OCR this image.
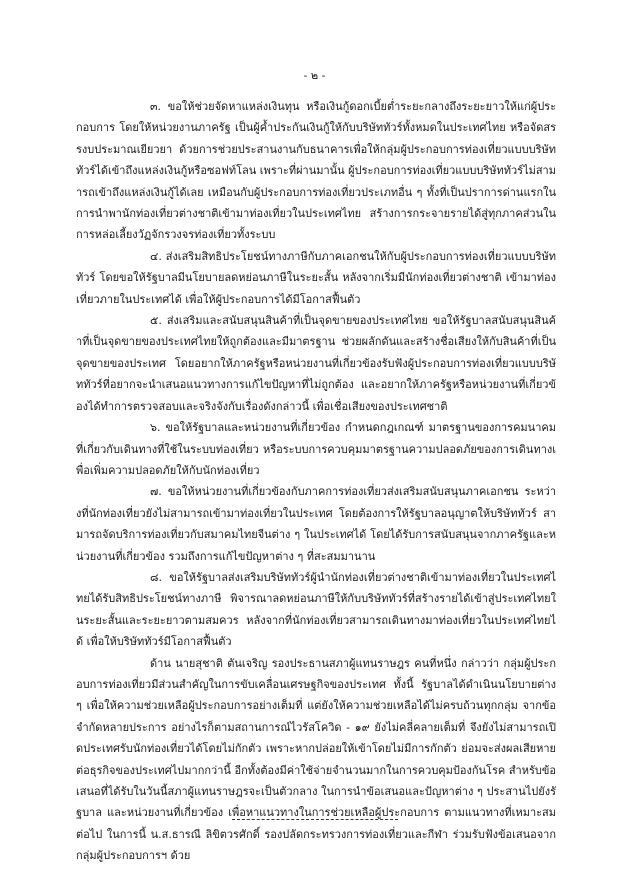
- ๒ -

๓. ขอให้ช่วยจัดหาแหล่งเงินทุน หรือเงินกู้ดอกเบี้ยต่ำระยะกลางถึงระยะยาวให้แก่ผู้ประกอบการ โดยให้หน่วยงานภาครัฐ เป็นผู้ค้ำประกันเงินกู้ให้กับบริษัททัวร์ทั้งหมดในประเทศไทย หรือจัดสรรงบประมาณเยียวยา ด้วยการช่วยประสานงานกับธนาคารเพื่อให้กลุ่มผู้ประกอบการท่องเที่ยวแบบบริษัททัวร์ได้เข้าถึงแหล่งเงินกู้หรือซอฟท์โลน เพราะที่ผ่านมานั้น ผู้ประกอบการท่องเที่ยวแบบบริษัททัวร์ไม่สามารถเข้าถึงแหล่งเงินกู้ได้เลย เหมือนกับผู้ประกอบการท่องเที่ยวประเภทอื่น ๆ ทั้งที่เป็นปราการด่านแรกในการนำพานักท่องเที่ยวต่างชาติเข้ามาท่องเที่ยวในประเทศไทย สร้างการกระจายรายได้สู่ทุกภาคส่วนในการหล่อเลี้ยงวัฏจักรวงจรท่องเที่ยวทั้งระบบ

๔. ส่งเสริมสิทธิประโยชน์ทางภาษีกับภาคเอกชนให้กับผู้ประกอบการท่องเที่ยวแบบบริษัททัวร์ โดยขอให้รัฐบาลมีนโยบายลดหย่อนภาษีในระยะสั้น หลังจากเริ่มมีนักท่องเที่ยวต่างชาติ เข้ามาท่องเที่ยวภายในประเทศได้ เพื่อให้ผู้ประกอบการได้มีโอกาสฟื้นตัว

๕. ส่งเสริมและสนับสนุนสินค้าที่เป็นจุดขายของประเทศไทย ขอให้รัฐบาลสนับสนุนสินค้าที่เป็นจุดขายของประเทศไทยให้ถูกต้องและมีมาตรฐาน ช่วยผลักดันและสร้างชื่อเสียงให้กับสินค้าที่เป็นจุดขายของประเทศ โดยอยากให้ภาครัฐหรือหน่วยงานที่เกี่ยวข้องรับฟังผู้ประกอบการท่องเที่ยวแบบบริษัททัวร์ที่อยากจะนำเสนอแนวทางการแก้ไขปัญหาที่ไม่ถูกต้อง และอยากให้ภาครัฐหรือหน่วยงานที่เกี่ยวข้องได้ทำการตรวจสอบและจริงจังกับเรื่องดังกล่าวนี้ เพื่อเชื่อเสียงของประเทศชาติ

๖. ขอให้รัฐบาลและหน่วยงานที่เกี่ยวข้อง กำหนดกฎเกณฑ์ มาตรฐานของการคมนาคมที่เกี่ยวกับเดินทางที่ใช้ในระบบท่องเที่ยว หรือระบบการควบคุมมาตรฐานความปลอดภัยของการเดินทางเพื่อเพิ่มความปลอดภัยให้กับนักท่องเที่ยว

๗. ขอให้หน่วยงานที่เกี่ยวข้องกับภาคการท่องเที่ยวส่งเสริมสนับสนุนภาคเอกชน ระหว่างที่นักท่องเที่ยวยังไม่สามารถเข้ามาท่องเที่ยวในประเทศ โดยต้องการให้รัฐบาลอนุญาตให้บริษัททัวร์ สามารถจัดบริการท่องเที่ยวกับสมาคมไทยจีนต่าง ๆ ในประเทศได้ โดยได้รับการสนับสนุนจากภาครัฐและหน่วยงานที่เกี่ยวข้อง รวมถึงการแก้ไขปัญหาต่าง ๆ ที่สะสมมานาน

๘. ขอให้รัฐบาลส่งเสริมบริษัททัวร์ผู้นำนักท่องเที่ยวต่างชาติเข้ามาท่องเที่ยวในประเทศไทยได้รับสิทธิประโยชน์ทางภาษี พิจารณาลดหย่อนภาษีให้กับบริษัททัวร์ที่สร้างรายได้เข้าสู่ประเทศไทยในระยะสั้นและระยะยาวตามสมควร หลังจากที่นักท่องเที่ยวสามารถเดินทางมาท่องเที่ยวในประเทศไทยได้ เพื่อให้บริษัททัวร์มีโอกาสฟื้นตัว

ด้าน นายสุชาติ ตันเจริญ รองประธานสภาผู้แทนราษฎร คนที่หนึ่ง กล่าวว่า กลุ่มผู้ประกอบการท่องเที่ยวมีส่วนสำคัญในการขับเคลื่อนเศรษฐกิจของประเทศ ทั้งนี้ รัฐบาลได้ดำเนินนโยบายต่าง ๆ เพื่อให้ความช่วยเหลือผู้ประกอบการอย่างเต็มที่ แต่ยังให้ความช่วยเหลือได้ไม่ครบถ้วนทุกกลุ่ม จากข้อจำกัดหลายประการ อย่างไรก็ตามสถานการณ์ไวรัสโควิด - ๑๙ ยังไม่คลี่คลายเต็มที่ จึงยังไม่สามารถเปิดประเทศรับนักท่องเที่ยวได้โดยไม่กักตัว เพราะหากปล่อยให้เข้าโดยไม่มีการกักตัว ย่อมจะส่งผลเสียหายต่อธุรกิจของประเทศไปมากกว่านี้ อีกทั้งต้องมีค่าใช้จ่ายจำนวนมากในการควบคุมป้องกันโรค สำหรับข้อเสนอที่ได้รับในวันนี้สภาผู้แทนราษฎรจะเป็นตัวกลาง ในการนำข้อเสนอและปัญหาต่าง ๆ ประสานไปยังรัฐบาล และหน่วยงานที่เกี่ยวข้อง เพื่อหาแนวทางในการช่วยเหลือผู้ประกอบการ ตามแนวทางที่เหมาะสมต่อไป ในการนี้ น.ส.ธารณี ลิขิตวรศักดิ์ รองปลัดกระทรวงการท่องเที่ยวและกีฬา ร่วมรับฟังข้อเสนอจากกลุ่มผู้ประกอบการฯ ด้วย
